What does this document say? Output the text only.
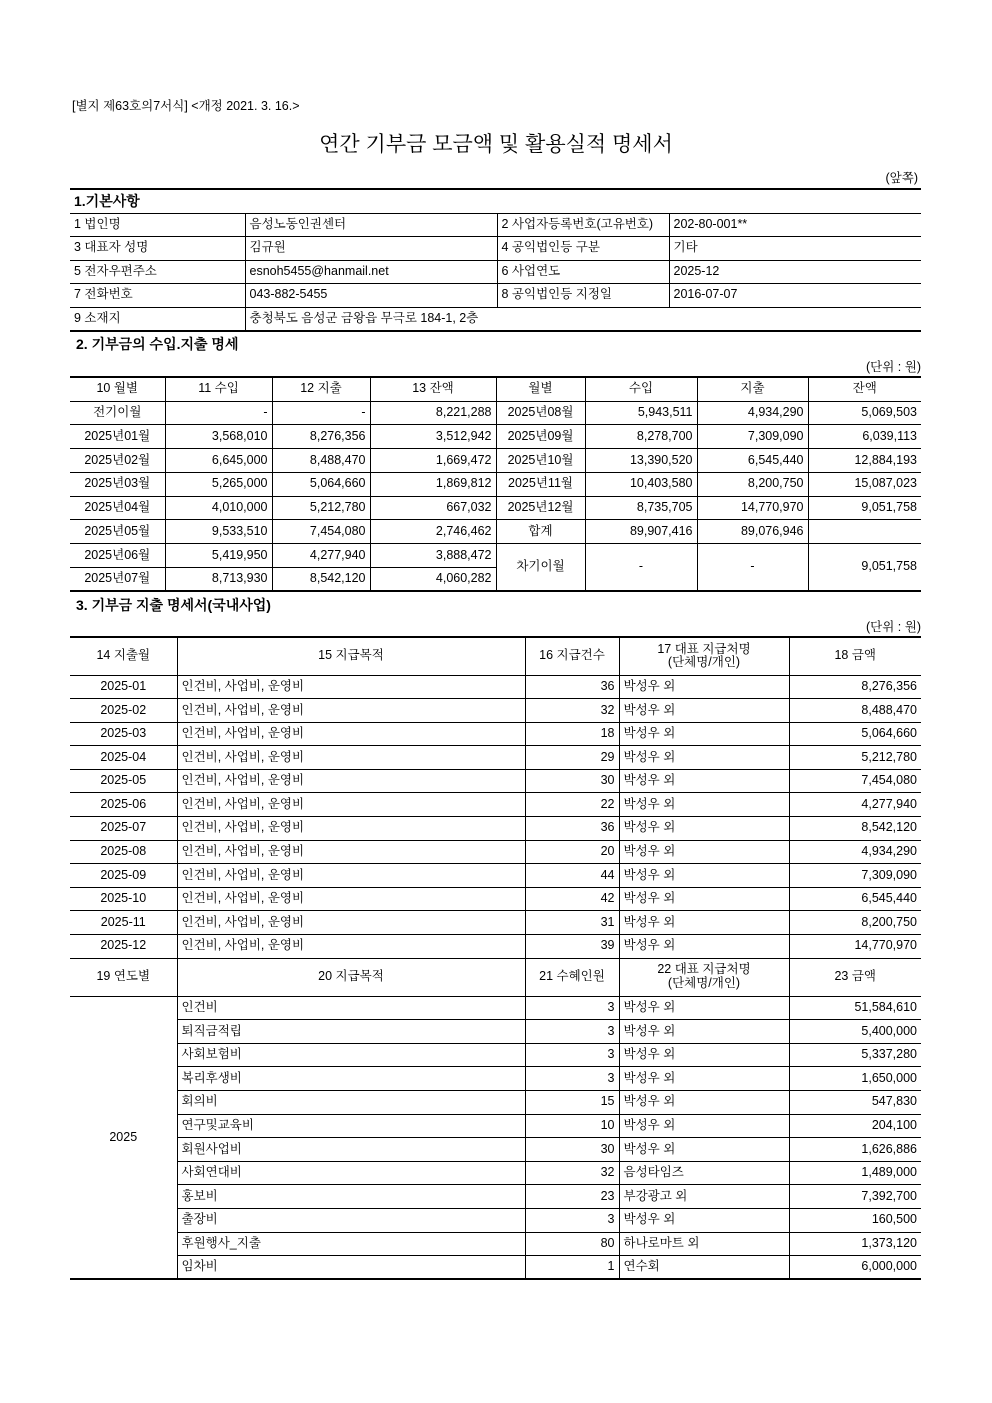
[별지 제63호의7서식] <개정 2021. 3. 16.>
연간 기부금 모금액 및 활용실적 명세서
(앞쪽)
1.기본사항			
1 법인명	음성노동인권센터	2 사업자등록번호(고유번호)	202-80-001**
3 대표자 성명	김규원	4 공익법인등 구분	기타
5 전자우편주소	esnoh5455@hanmail.net	6 사업연도	2025-12
7 전화번호	043-882-5455	8 공익법인등 지정일	2016-07-07
9 소재지	충청북도 음성군 금왕읍 무극로 184-1, 2층		
2. 기부금의 수입.지출 명세
(단위 : 원)
10 월별	11 수입	12 지출	13 잔액	월별	수입	지출	잔액
전기이월	-	-	8,221,288	2025년08월	5,943,511	4,934,290	5,069,503
2025년01월	3,568,010	8,276,356	3,512,942	2025년09월	8,278,700	7,309,090	6,039,113
2025년02월	6,645,000	8,488,470	1,669,472	2025년10월	13,390,520	6,545,440	12,884,193
2025년03월	5,265,000	5,064,660	1,869,812	2025년11월	10,403,580	8,200,750	15,087,023
2025년04월	4,010,000	5,212,780	667,032	2025년12월	8,735,705	14,770,970	9,051,758
2025년05월	9,533,510	7,454,080	2,746,462	합계	89,907,416	89,076,946	
2025년06월	5,419,950	4,277,940	3,888,472	차기이월	-	-	9,051,758
2025년07월	8,713,930	8,542,120	4,060,282				
3. 기부금 지출 명세서(국내사업)
(단위 : 원)
14 지출월	15 지급목적	16 지급건수	17 대표 지급처명
(단체명/개인)	18 금액
2025-01	인건비, 사업비, 운영비	36	박성우 외	8,276,356
2025-02	인건비, 사업비, 운영비	32	박성우 외	8,488,470
2025-03	인건비, 사업비, 운영비	18	박성우 외	5,064,660
2025-04	인건비, 사업비, 운영비	29	박성우 외	5,212,780
2025-05	인건비, 사업비, 운영비	30	박성우 외	7,454,080
2025-06	인건비, 사업비, 운영비	22	박성우 외	4,277,940
2025-07	인건비, 사업비, 운영비	36	박성우 외	8,542,120
2025-08	인건비, 사업비, 운영비	20	박성우 외	4,934,290
2025-09	인건비, 사업비, 운영비	44	박성우 외	7,309,090
2025-10	인건비, 사업비, 운영비	42	박성우 외	6,545,440
2025-11	인건비, 사업비, 운영비	31	박성우 외	8,200,750
2025-12	인건비, 사업비, 운영비	39	박성우 외	14,770,970
19 연도별	20 지급목적	21 수혜인원	22 대표 지급처명
(단체명/개인)	23 금액
2025	인건비	3	박성우 외	51,584,610
	퇴직금적립	3	박성우 외	5,400,000
	사회보험비	3	박성우 외	5,337,280
	복리후생비	3	박성우 외	1,650,000
	회의비	15	박성우 외	547,830
	연구및교육비	10	박성우 외	204,100
	회원사업비	30	박성우 외	1,626,886
	사회연대비	32	음성타임즈	1,489,000
	홍보비	23	부강광고 외	7,392,700
	출장비	3	박성우 외	160,500
	후원행사_지출	80	하나로마트 외	1,373,120
	임차비	1	연수회	6,000,000
